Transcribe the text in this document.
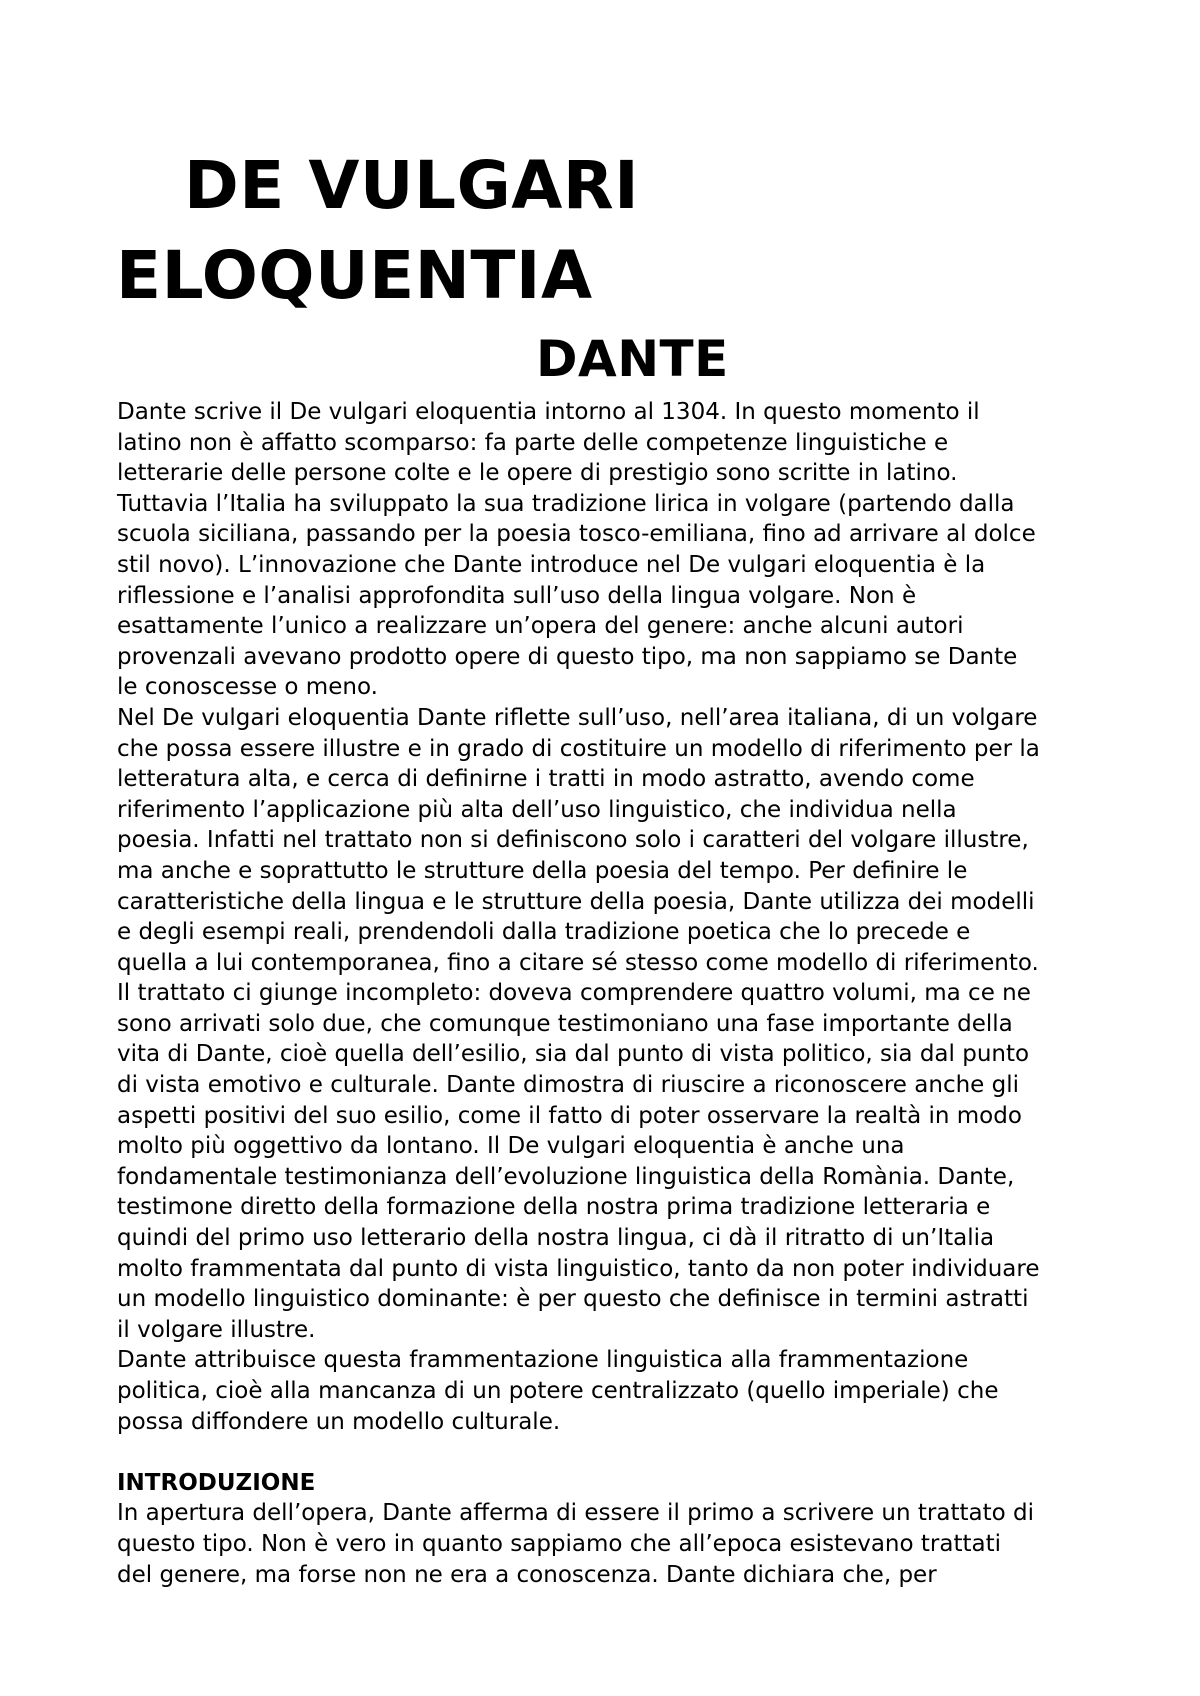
DE VULGARI
ELOQUENTIA
DANTE
Dante scrive il De vulgari eloquentia intorno al 1304. In questo momento il
latino non è affatto scomparso: fa parte delle competenze linguistiche e
letterarie delle persone colte e le opere di prestigio sono scritte in latino.
Tuttavia l’Italia ha sviluppato la sua tradizione lirica in volgare (partendo dalla
scuola siciliana, passando per la poesia tosco-emiliana, fino ad arrivare al dolce
stil novo). L’innovazione che Dante introduce nel De vulgari eloquentia è la
riflessione e l’analisi approfondita sull’uso della lingua volgare. Non è
esattamente l’unico a realizzare un’opera del genere: anche alcuni autori
provenzali avevano prodotto opere di questo tipo, ma non sappiamo se Dante
le conoscesse o meno.
Nel De vulgari eloquentia Dante riflette sull’uso, nell’area italiana, di un volgare
che possa essere illustre e in grado di costituire un modello di riferimento per la
letteratura alta, e cerca di definirne i tratti in modo astratto, avendo come
riferimento l’applicazione più alta dell’uso linguistico, che individua nella
poesia. Infatti nel trattato non si definiscono solo i caratteri del volgare illustre,
ma anche e soprattutto le strutture della poesia del tempo. Per definire le
caratteristiche della lingua e le strutture della poesia, Dante utilizza dei modelli
e degli esempi reali, prendendoli dalla tradizione poetica che lo precede e
quella a lui contemporanea, fino a citare sé stesso come modello di riferimento.
Il trattato ci giunge incompleto: doveva comprendere quattro volumi, ma ce ne
sono arrivati solo due, che comunque testimoniano una fase importante della
vita di Dante, cioè quella dell’esilio, sia dal punto di vista politico, sia dal punto
di vista emotivo e culturale. Dante dimostra di riuscire a riconoscere anche gli
aspetti positivi del suo esilio, come il fatto di poter osservare la realtà in modo
molto più oggettivo da lontano. Il De vulgari eloquentia è anche una
fondamentale testimonianza dell’evoluzione linguistica della Romània. Dante,
testimone diretto della formazione della nostra prima tradizione letteraria e
quindi del primo uso letterario della nostra lingua, ci dà il ritratto di un’Italia
molto frammentata dal punto di vista linguistico, tanto da non poter individuare
un modello linguistico dominante: è per questo che definisce in termini astratti
il volgare illustre.
Dante attribuisce questa frammentazione linguistica alla frammentazione
politica, cioè alla mancanza di un potere centralizzato (quello imperiale) che
possa diffondere un modello culturale.
INTRODUZIONE
In apertura dell’opera, Dante afferma di essere il primo a scrivere un trattato di
questo tipo. Non è vero in quanto sappiamo che all’epoca esistevano trattati
del genere, ma forse non ne era a conoscenza. Dante dichiara che, per
